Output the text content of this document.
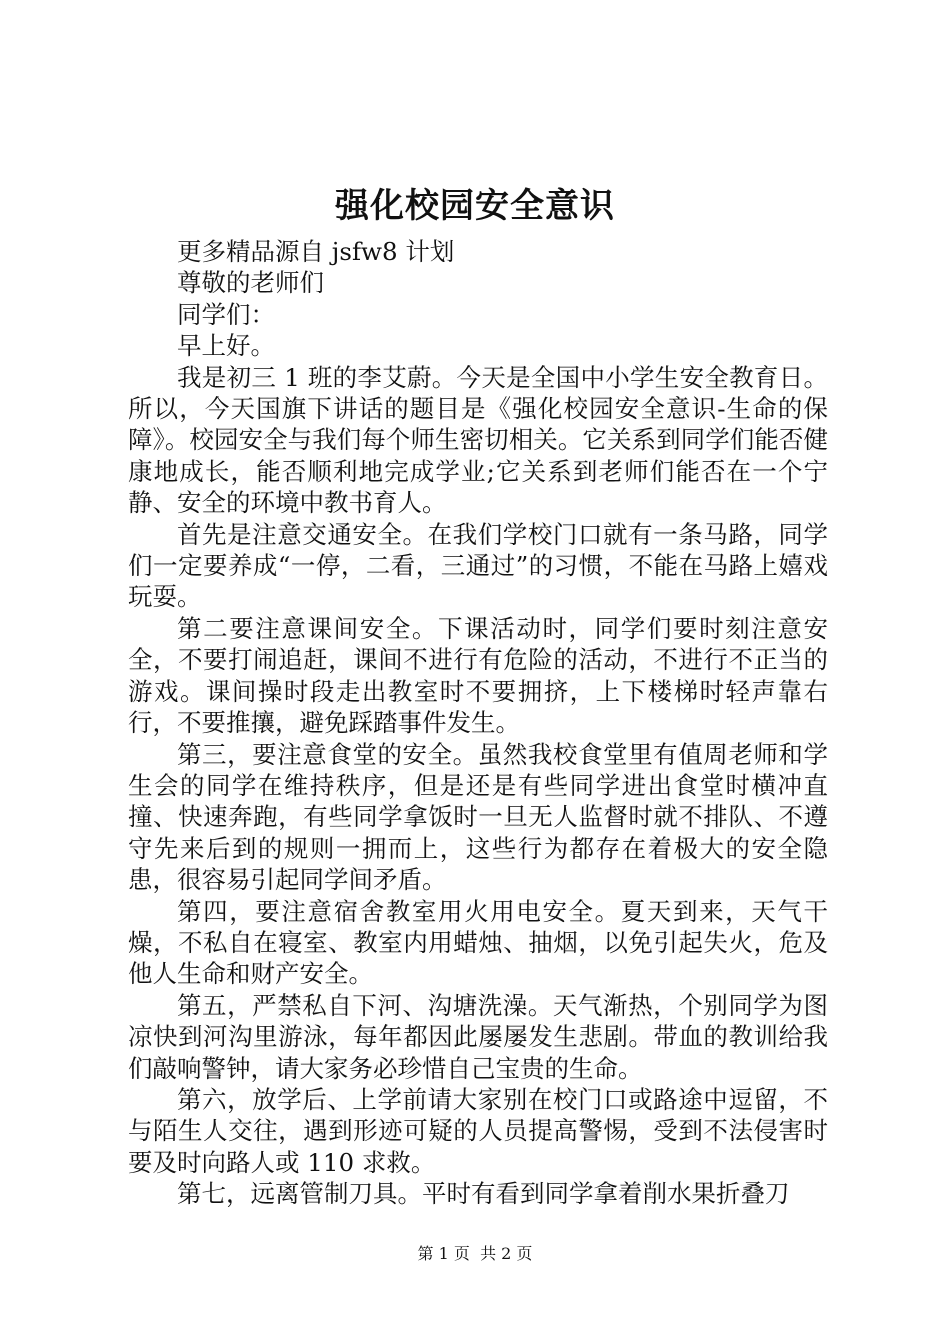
强化校园安全意识

更多精品源自 jsfw8 计划

尊敬的老师们

同学们：

早上好。

我是初三 1 班的李艾蔚。今天是全国中小学生安全教育日。所以，今天国旗下讲话的题目是《强化校园安全意识-生命的保障》。校园安全与我们每个师生密切相关。它关系到同学们能否健康地成长，能否顺利地完成学业;它关系到老师们能否在一个宁静、安全的环境中教书育人。

首先是注意交通安全。在我们学校门口就有一条马路，同学们一定要养成“一停，二看，三通过”的习惯，不能在马路上嬉戏玩耍。

第二要注意课间安全。下课活动时，同学们要时刻注意安全，不要打闹追赶，课间不进行有危险的活动，不进行不正当的游戏。课间操时段走出教室时不要拥挤，上下楼梯时轻声靠右行，不要推攘，避免踩踏事件发生。

第三，要注意食堂的安全。虽然我校食堂里有值周老师和学生会的同学在维持秩序，但是还是有些同学进出食堂时横冲直撞、快速奔跑，有些同学拿饭时一旦无人监督时就不排队、不遵守先来后到的规则一拥而上，这些行为都存在着极大的安全隐患，很容易引起同学间矛盾。

第四，要注意宿舍教室用火用电安全。夏天到来，天气干燥，不私自在寝室、教室内用蜡烛、抽烟，以免引起失火，危及他人生命和财产安全。

第五，严禁私自下河、沟塘洗澡。天气渐热，个别同学为图凉快到河沟里游泳，每年都因此屡屡发生悲剧。带血的教训给我们敲响警钟，请大家务必珍惜自己宝贵的生命。

第六，放学后、上学前请大家别在校门口或路途中逗留，不与陌生人交往，遇到形迹可疑的人员提高警惕，受到不法侵害时要及时向路人或 110 求救。

第七，远离管制刀具。平时有看到同学拿着削水果折叠刀

第 1 页  共 2 页
